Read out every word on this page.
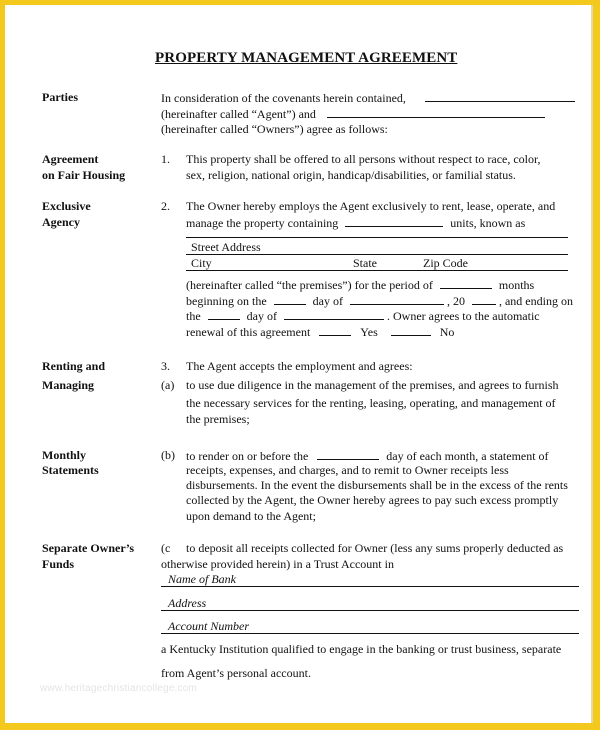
PROPERTY MANAGEMENT AGREEMENT
Parties	In consideration of the covenants herein contained,
(hereinafter called “Agent”) and
(hereinafter called “Owners”) agree as follows:
Agreement
on Fair Housing
1. This property shall be offered to all persons without respect to race, color,
sex, religion, national origin, handicap/disabilities, or familial status.
Exclusive
Agency
2. The Owner hereby employs the Agent exclusively to rent, lease, operate, and
manage the property containing	units, known as
Street Address
City	State	Zip Code
(hereinafter called “the premises”) for the period of	months
beginning on the	day of	, 20	, and ending on
the	day of	. Owner agrees to the automatic
renewal of this agreement	Yes	No
Renting and
Managing
3. The Agent accepts the employment and agrees:
(a) to use due diligence in the management of the premises, and agrees to furnish
the necessary services for the renting, leasing, operating, and management of
the premises;
Monthly
Statements
(b) to render on or before the	day of each month, a statement of
receipts, expenses, and charges, and to remit to Owner receipts less
disbursements. In the event the disbursements shall be in the excess of the rents
collected by the Agent, the Owner hereby agrees to pay such excess promptly
upon demand to the Agent;
Separate Owner’s
Funds
(c to deposit all receipts collected for Owner (less any sums properly deducted as
otherwise provided herein) in a Trust Account in
Name of Bank
Address
Account Number
a Kentucky Institution qualified to engage in the banking or trust business, separate
from Agent’s personal account.
www.heritagechristiancollege.com
